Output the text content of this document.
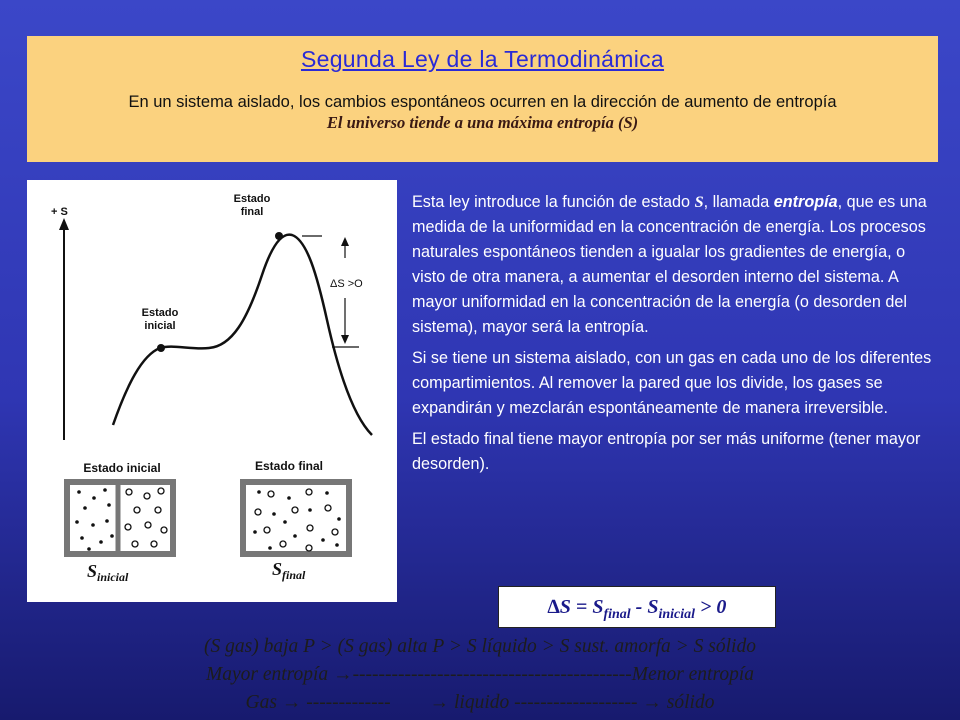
Segunda Ley de la Termodinámica
En un sistema aislado, los cambios espontáneos ocurren en la dirección de aumento de entropía
El universo tiende a una máxima entropía (S)
+ S
Estado
final
Estado
inicial
ΔS >O
Estado inicial	Estado final
$S_{inicial}$	$S_{final}$

Esta ley introduce la función de estado S, llamada entropía, que es una medida de la uniformidad en la concentración de energía. Los procesos naturales espontáneos tienden a igualar los gradientes de energía, o visto de otra manera, a aumentar el desorden interno del sistema. A mayor uniformidad en la concentración de la energía (o desorden del sistema), mayor será la entropía.

Si se tiene un sistema aislado, con un gas en cada uno de los diferentes compartimientos. Al remover la pared que los divide, los gases se expandirán y mezclarán espontáneamente de manera irreversible.

El estado final tiene mayor entropía por ser más uniforme (tener mayor desorden).

$\Delta S = S_{final} - S_{inicial} > 0$
(S gas) baja P > (S gas) alta P > S líquido > S sust. amorfa > S sólido
Mayor entropía →-------------------------------------------Menor entropía
Gas → -------------        → liquido ------------------- → sólido
